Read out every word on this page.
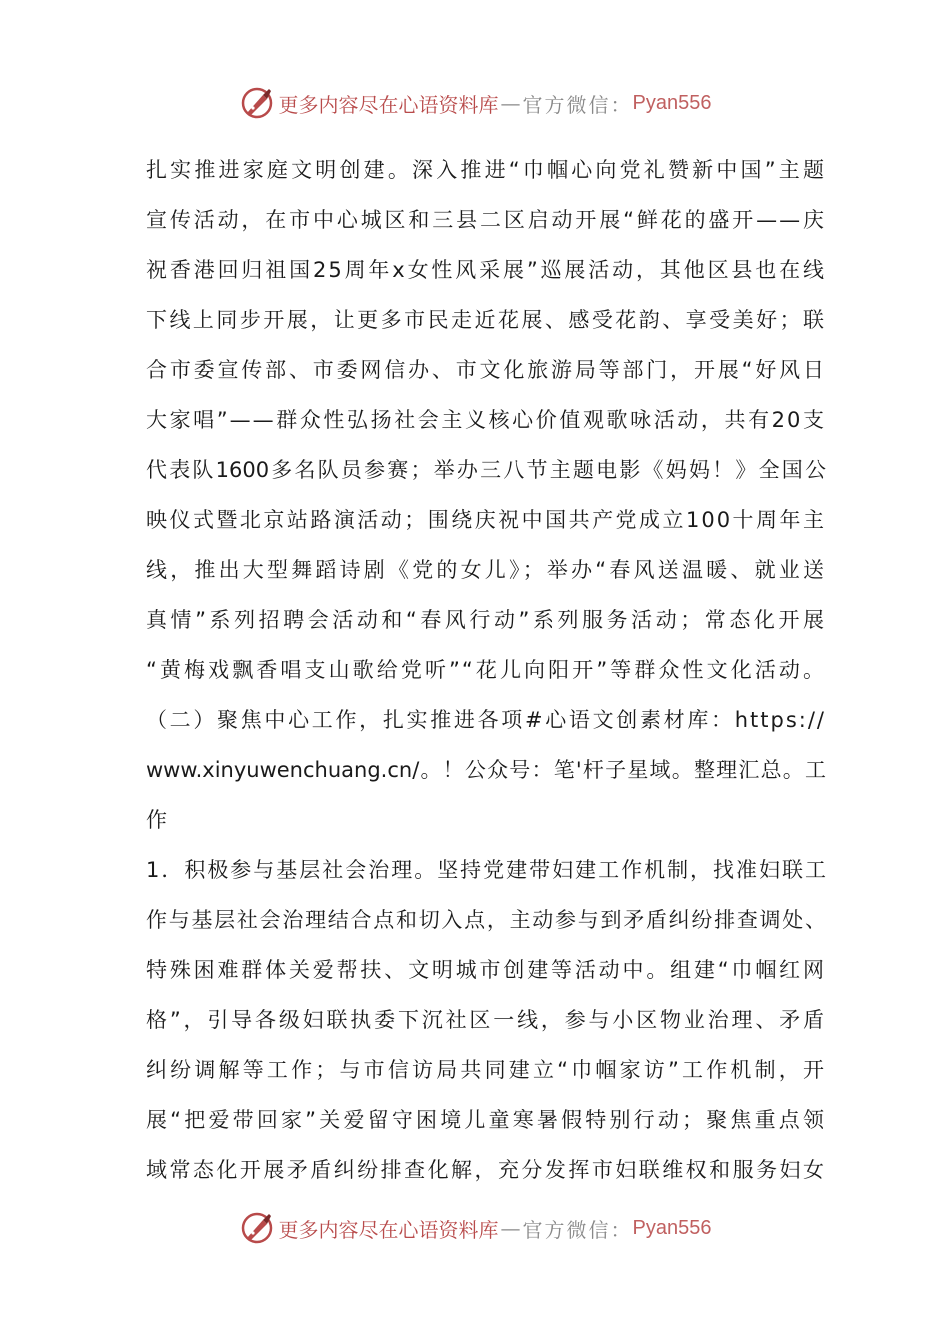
更多内容尽在心语资料库 — 官方微信： Pyan556
扎实推进家庭文明创建。深入推进“巾帼心向党礼赞新中国”主题
宣传活动，在市中心城区和三县二区启动开展“鲜花的盛开——庆
祝香港回归祖国25周年x女性风采展”巡展活动，其他区县也在线
下线上同步开展，让更多市民走近花展、感受花韵、享受美好；联
合市委宣传部、市委网信办、市文化旅游局等部门，开展“好风日
大家唱”——群众性弘扬社会主义核心价值观歌咏活动，共有20支
代表队1600多名队员参赛；举办三八节主题电影《妈妈！》全国公
映仪式暨北京站路演活动；围绕庆祝中国共产党成立100十周年主
线，推出大型舞蹈诗剧《党的女儿》；举办“春风送温暖、就业送
真情”系列招聘会活动和“春风行动”系列服务活动；常态化开展
“黄梅戏飘香唱支山歌给党听”“花儿向阳开”等群众性文化活动。
（二）聚焦中心工作，扎实推进各项#心语文创素材库：https://
www.xinyuwenchuang.cn/。！公众号：笔'杆子星域。整理汇总。工
作
1．积极参与基层社会治理。坚持党建带妇建工作机制，找准妇联工
作与基层社会治理结合点和切入点，主动参与到矛盾纠纷排查调处、
特殊困难群体关爱帮扶、文明城市创建等活动中。组建“巾帼红网
格”，引导各级妇联执委下沉社区一线，参与小区物业治理、矛盾
纠纷调解等工作；与市信访局共同建立“巾帼家访”工作机制，开
展“把爱带回家”关爱留守困境儿童寒暑假特别行动；聚焦重点领
域常态化开展矛盾纠纷排查化解，充分发挥市妇联维权和服务妇女
更多内容尽在心语资料库 — 官方微信： Pyan556
